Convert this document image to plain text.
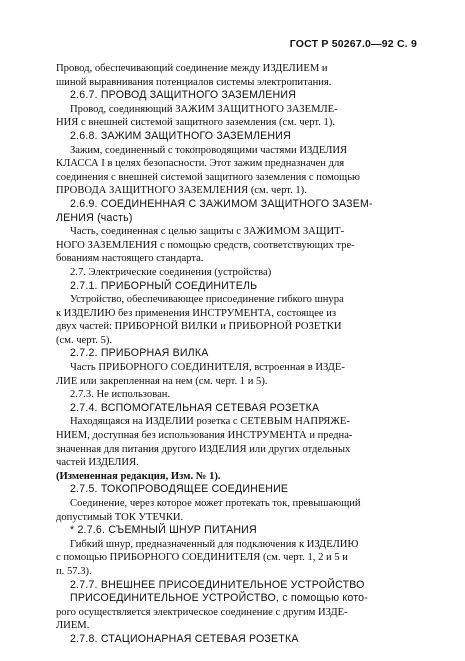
ГОСТ Р 50267.0—92 С. 9
Провод, обеспечивающий соединение между ИЗДЕЛИЕМ и
шиной выравнивания потенциалов системы электропитания.
2.6.7. ПРОВОД ЗАЩИТНОГО ЗАЗЕМЛЕНИЯ
Провод, соединяющий ЗАЖИМ ЗАЩИТНОГО ЗАЗЕМЛЕ-
НИЯ с внешней системой защитного заземления (см. черт. 1).
2.6.8. ЗАЖИМ ЗАЩИТНОГО ЗАЗЕМЛЕНИЯ
Зажим, соединенный с токопроводящими частями ИЗДЕЛИЯ
КЛАССА I в целях безопасности. Этот зажим предназначен для
соединения с внешней системой защитного заземления с помощью
ПРОВОДА ЗАЩИТНОГО ЗАЗЕМЛЕНИЯ (см. черт. 1).
2.6.9. СОЕДИНЕННАЯ С ЗАЖИМОМ ЗАЩИТНОГО ЗАЗЕМ-
ЛЕНИЯ (часть)
Часть, соединенная с целью защиты с ЗАЖИМОМ ЗАЩИТ-
НОГО ЗАЗЕМЛЕНИЯ с помощью средств, соответствующих тре-
бованиям настоящего стандарта.
2.7. Электрические соединения (устройства)
2.7.1. ПРИБОРНЫЙ СОЕДИНИТЕЛЬ
Устройство, обеспечивающее присоединение гибкого шнура
к ИЗДЕЛИЮ без применения ИНСТРУМЕНТА, состоящее из
двух частей: ПРИБОРНОЙ ВИЛКИ и ПРИБОРНОЙ РОЗЕТКИ
(см. черт. 5).
2.7.2. ПРИБОРНАЯ ВИЛКА
Часть ПРИБОРНОГО СОЕДИНИТЕЛЯ, встроенная в ИЗДЕ-
ЛИЕ или закрепленная на нем (см. черт. 1 и 5).
2.7.3. Не использован.
2.7.4. ВСПОМОГАТЕЛЬНАЯ СЕТЕВАЯ РОЗЕТКА
Находящаяся на ИЗДЕЛИИ розетка с СЕТЕВЫМ НАПРЯЖЕ-
НИЕМ, доступная без использования ИНСТРУМЕНТА и предна-
значенная для питания другого ИЗДЕЛИЯ или других отдельных
частей ИЗДЕЛИЯ.
(Измененная редакция, Изм. № 1).
2.7.5. ТОКОПРОВОДЯЩЕЕ СОЕДИНЕНИЕ
Соединение, через которое может протекать ток, превышающий
допустимый ТОК УТЕЧКИ.
* 2.7.6. СЪЕМНЫЙ ШНУР ПИТАНИЯ
Гибкий шнур, предназначенный для подключения к ИЗДЕЛИЮ
с помощью ПРИБОРНОГО СОЕДИНИТЕЛЯ (см. черт. 1, 2 и 5 и
п. 57.3).
2.7.7. ВНЕШНЕЕ ПРИСОЕДИНИТЕЛЬНОЕ УСТРОЙСТВО
ПРИСОЕДИНИТЕЛЬНОЕ УСТРОЙСТВО, с помощью кото-
рого осуществляется электрическое соединение с другим ИЗДЕ-
ЛИЕМ.
2.7.8. СТАЦИОНАРНАЯ СЕТЕВАЯ РОЗЕТКА
